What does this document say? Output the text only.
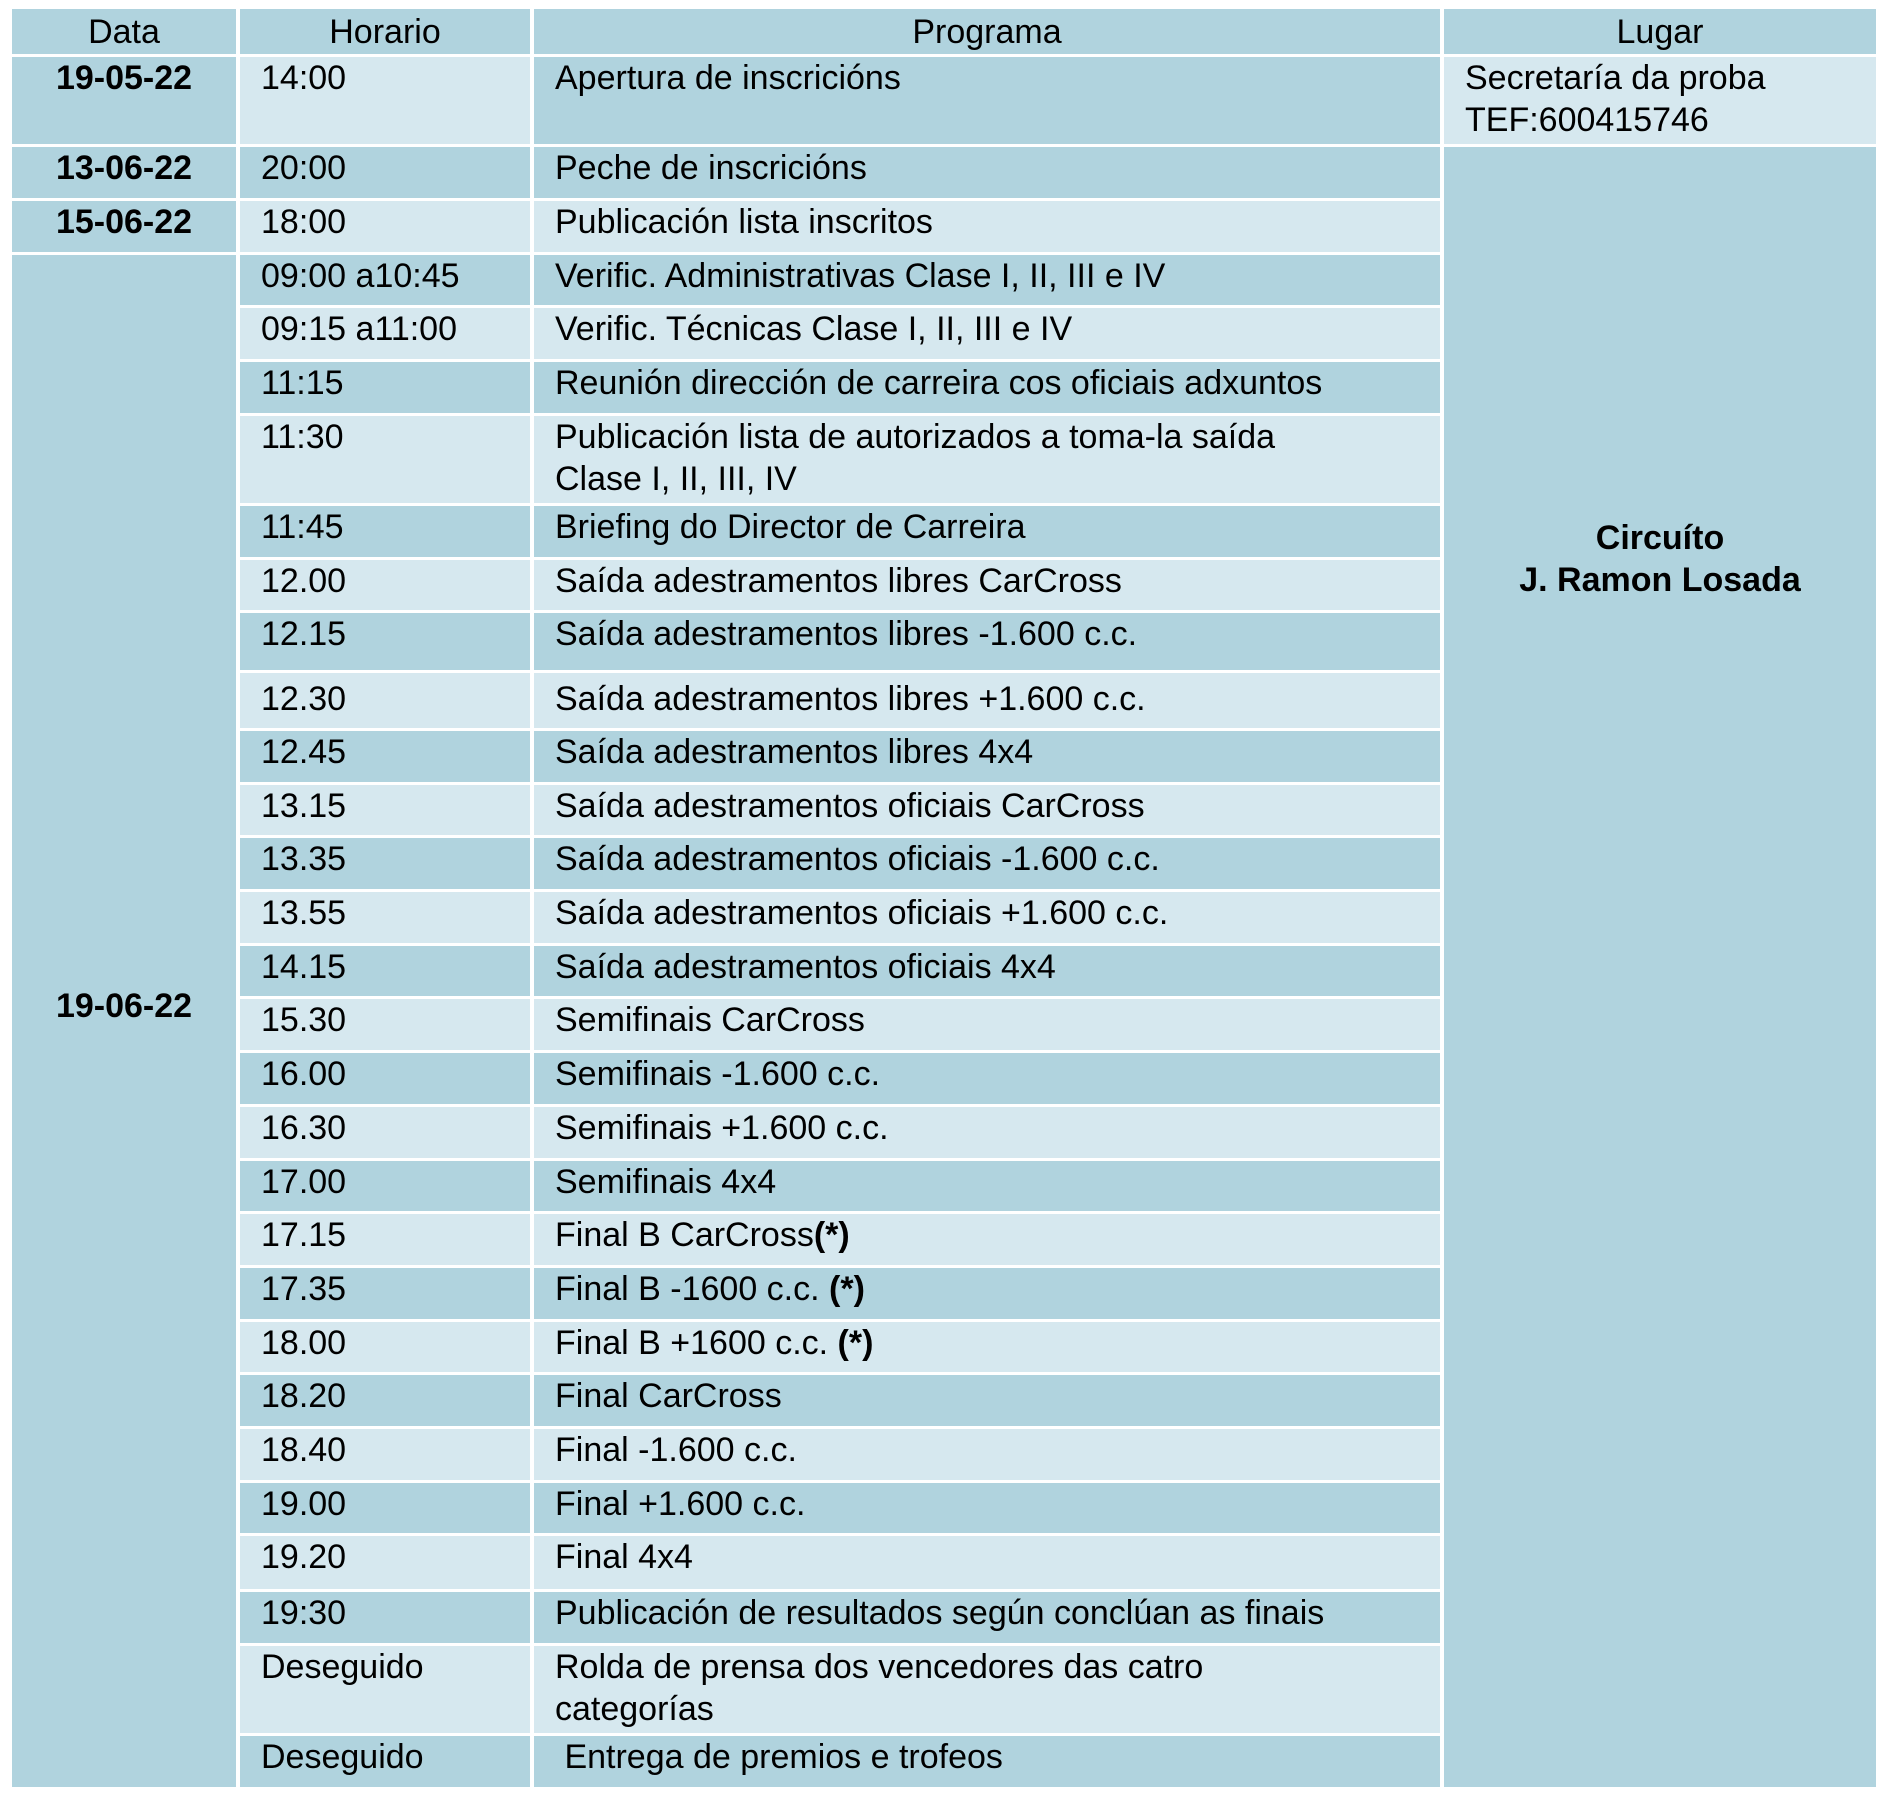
Data	Horario	Programa	Lugar
19-05-22	14:00	Apertura de inscricións	Secretaría da proba
TEF:600415746

13-06-22	20:00	Peche de inscricións	Circuíto
J. Ramon Losada

15-06-22	18:00	Publicación lista inscritos	
19-06-22	09:00 a10:45	Verific. Administrativas Clase I, II, III e IV	
	09:15 a11:00	Verific. Técnicas Clase I, II, III e IV	
	11:15	Reunión dirección de carreira cos oficiais adxuntos	
	11:30	Publicación lista de autorizados a toma-la saída
Clase I, II, III, IV	

	11:45	Briefing do Director de Carreira	
	12.00	Saída adestramentos libres CarCross	
	12.15	Saída adestramentos libres -1.600 c.c.	
	12.30	Saída adestramentos libres +1.600 c.c.	
	12.45	Saída adestramentos libres 4x4	
	13.15	Saída adestramentos oficiais CarCross	
	13.35	Saída adestramentos oficiais -1.600 c.c.	
	13.55	Saída adestramentos oficiais +1.600 c.c.	
	14.15	Saída adestramentos oficiais 4x4	
	15.30	Semifinais CarCross	
	16.00	Semifinais -1.600 c.c.	
	16.30	Semifinais +1.600 c.c.	
	17.00	Semifinais 4x4	
	17.15	Final B CarCross(*)	
	17.35	Final B -1600 c.c. (*)	
	18.00	Final B +1600 c.c. (*)	
	18.20	Final CarCross	
	18.40	Final -1.600 c.c.	
	19.00	Final +1.600 c.c.	
	19.20	Final 4x4	
	19:30	Publicación de resultados según conclúan as finais	
	Deseguido	Rolda de prensa dos vencedores das catro
categorías	

	Deseguido	Entrega de premios e trofeos	
